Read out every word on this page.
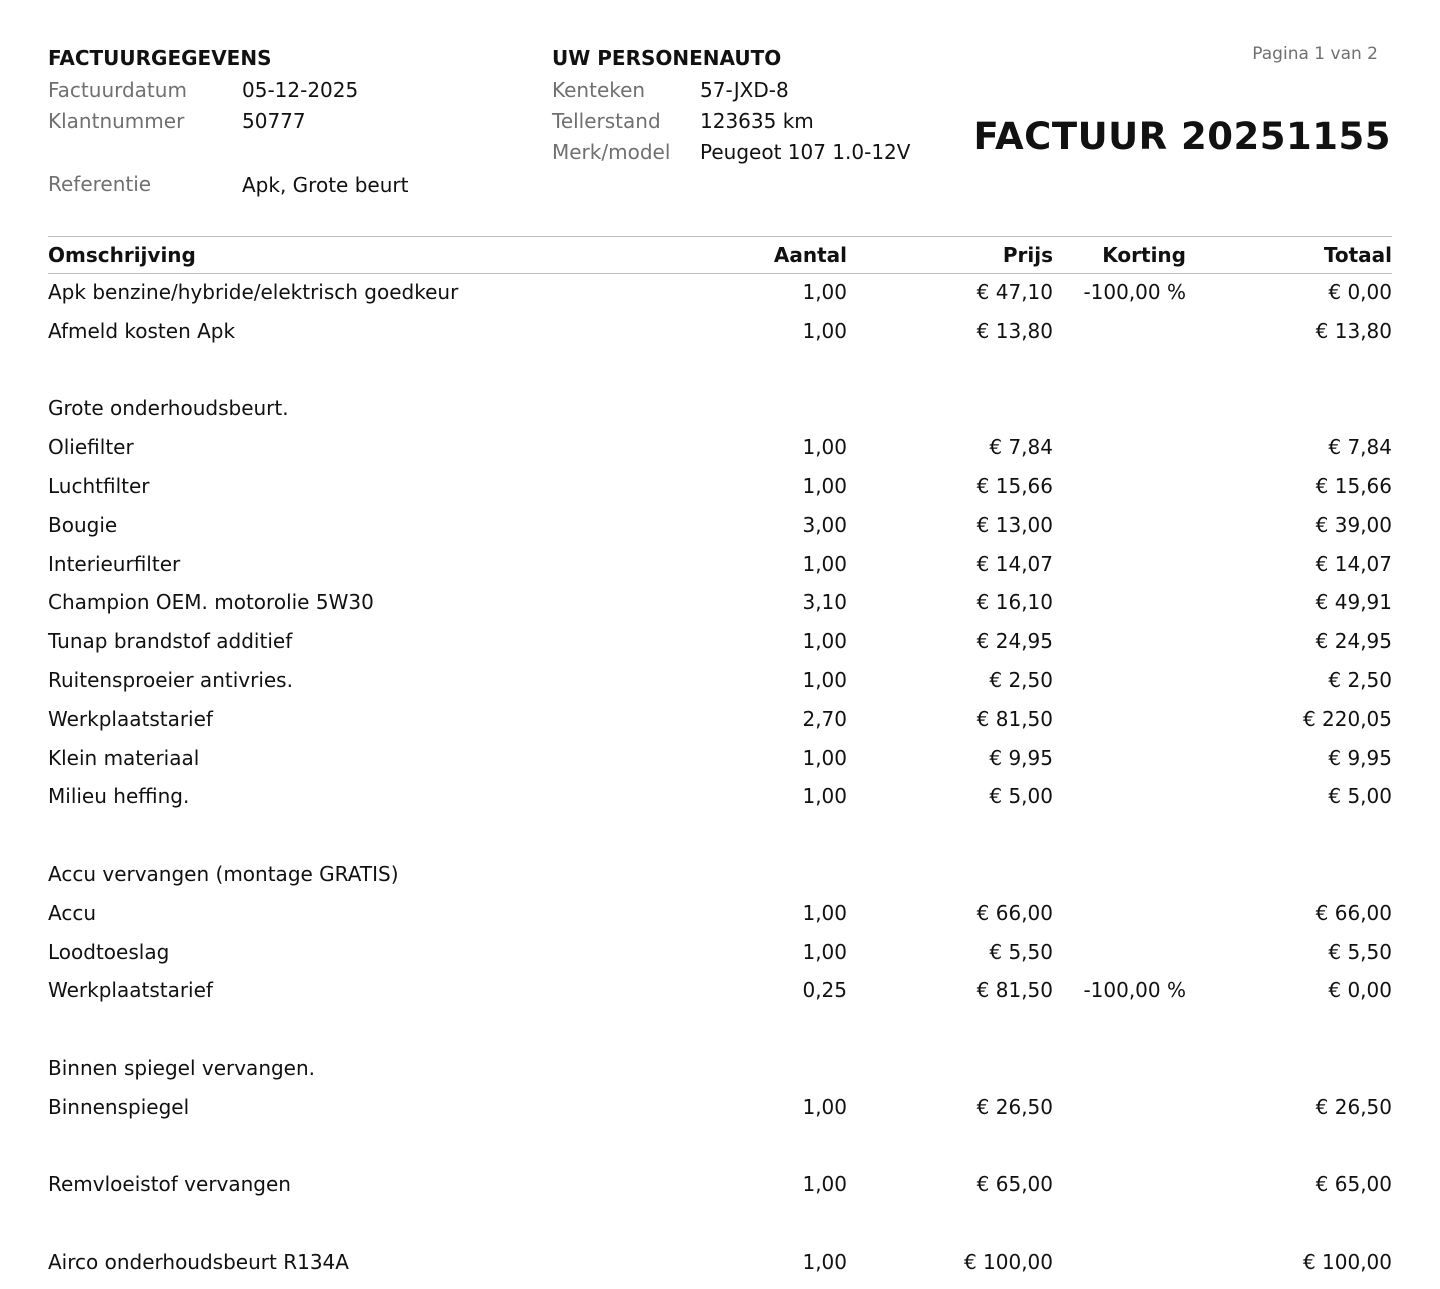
FACTUURGEGEVENS
Factuurdatum	05-12-2025
Klantnummer	50777
Referentie	Apk, Grote beurt
UW PERSONENAUTO
Kenteken	57-JXD-8
Tellerstand 123635 km
Merk/model Peugeot 107 1.0-12V
Pagina 1 van 2
FACTUUR 20251155
Omschrijving	Aantal	Prijs Korting	Totaal
Apk benzine/hybride/elektrisch goedkeur	1,00	€ 47,10 -100,00 %	€ 0,00
Afmeld kosten Apk	1,00	€ 13,80	€ 13,80
Grote onderhoudsbeurt.
Oliefilter	1,00	€ 7,84	€ 7,84
Luchtfilter	1,00	€ 15,66	€ 15,66
Bougie	3,00	€ 13,00	€ 39,00
Interieurfilter	1,00	€ 14,07	€ 14,07
Champion OEM. motorolie 5W30	3,10	€ 16,10	€ 49,91
Tunap brandstof additief	1,00	€ 24,95	€ 24,95
Ruitensproeier antivries.	1,00	€ 2,50	€ 2,50
Werkplaatstarief	2,70	€ 81,50	€ 220,05
Klein materiaal	1,00	€ 9,95	€ 9,95
Milieu heffing.	1,00	€ 5,00	€ 5,00
Accu vervangen (montage GRATIS)
Accu	1,00	€ 66,00	€ 66,00
Loodtoeslag	1,00	€ 5,50	€ 5,50
Werkplaatstarief	0,25	€ 81,50 -100,00 %	€ 0,00
Binnen spiegel vervangen.
Binnenspiegel	1,00	€ 26,50	€ 26,50
Remvloeistof vervangen	1,00	€ 65,00	€ 65,00
Airco onderhoudsbeurt R134A	1,00	€ 100,00	€ 100,00
